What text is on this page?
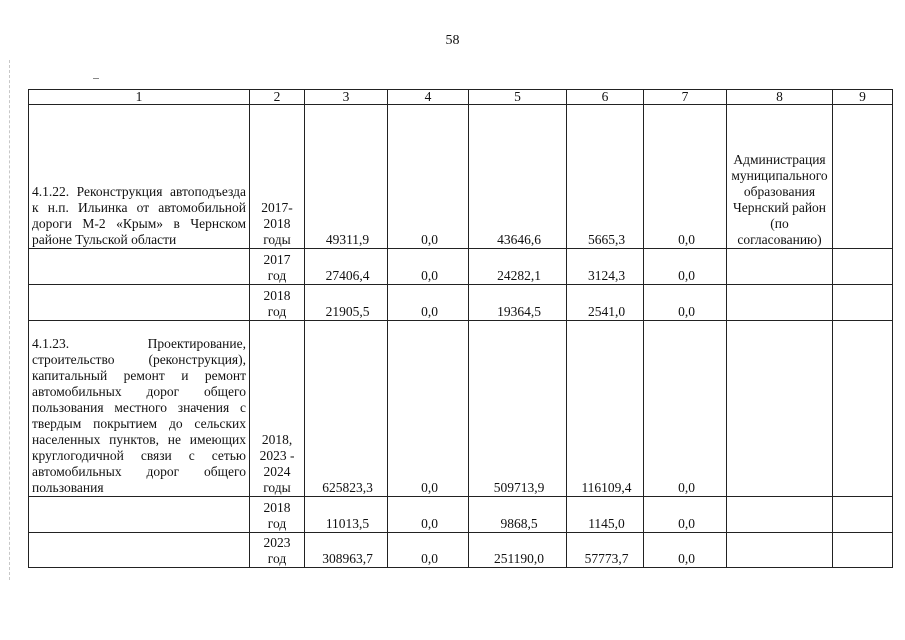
58
1	2	3	4	5	6	7	8	9
4.1.22. Реконструкция автоподъезда к н.п. Ильинка от автомобильной дороги М-2 «Крым» в Чернском районе Тульской области	2017-2018 годы	49311,9	0,0	43646,6	5665,3	0,0	Администрация муниципального образования Чернский район (по согласованию)	
	2017 год	27406,4	0,0	24282,1	3124,3	0,0		
	2018 год	21905,5	0,0	19364,5	2541,0	0,0		
4.1.23. Проектирование, строительство (реконструкция), капитальный ремонт и ремонт автомобильных дорог общего пользования местного значения с твердым покрытием до сельских населенных пунктов, не имеющих круглогодичной связи с сетью автомобильных дорог общего пользования	2018, 2023 - 2024 годы	625823,3	0,0	509713,9	116109,4	0,0		
	2018 год	11013,5	0,0	9868,5	1145,0	0,0		
	2023 год	308963,7	0,0	251190,0	57773,7	0,0		
